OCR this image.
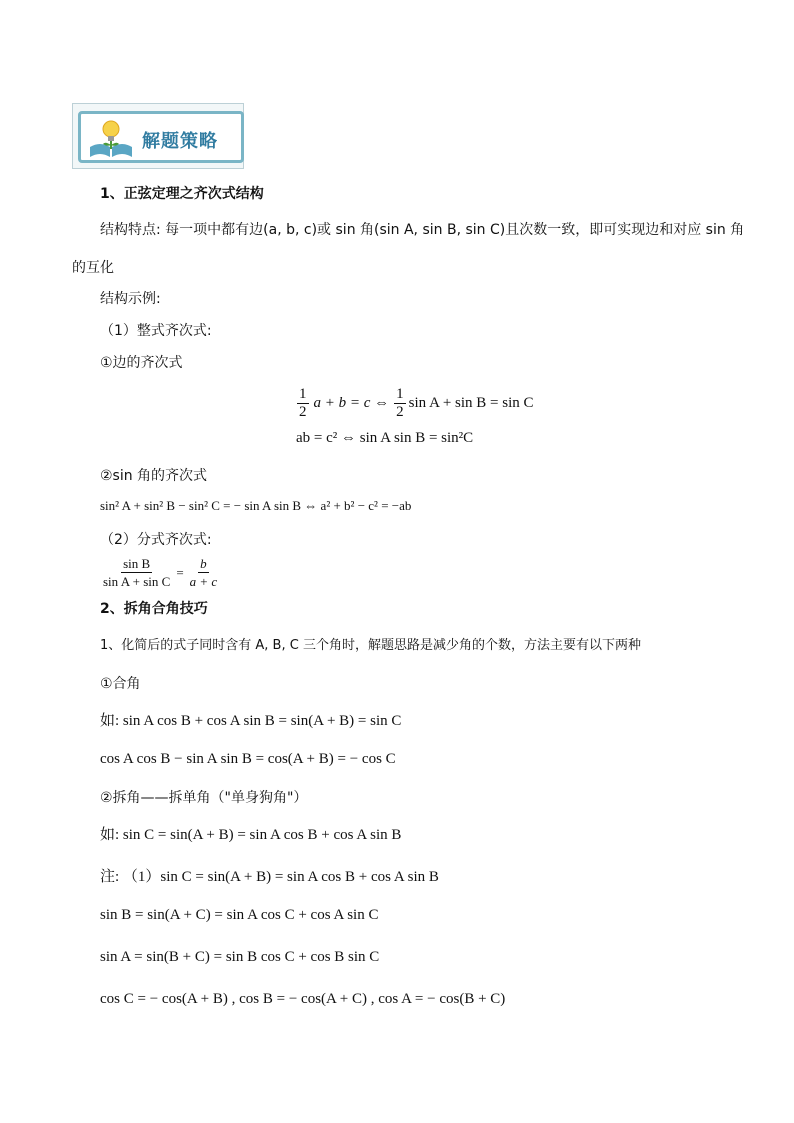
解题策略
1、正弦定理之齐次式结构
结构特点: 每一项中都有边(a, b, c)或 sin 角(sin A, sin B, sin C)且次数一致，即可实现边和对应 sin 角
的互化
结构示例:
（1）整式齐次式:
①边的齐次式
$\frac{1}{2}$ a + b = c ⇔ $\frac{1}{2}$ sin A + sin B = sin C
ab = c² ⇔ sin A sin B = sin²C
②sin 角的齐次式
sin² A + sin² B − sin² C = − sin A sin B ⇔ a² + b² − c² = −ab
（2）分式齐次式:
$\frac{\text{sin B}}{\text{sin A + sin C}} = \frac{b}{a + c}$
2、拆角合角技巧
1、化简后的式子同时含有 A, B, C 三个角时，解题思路是减少角的个数，方法主要有以下两种
①合角
如: sin A cos B + cos A sin B = sin(A + B) = sin C
cos A cos B − sin A sin B = cos(A + B) = − cos C
②拆角——拆单角（"单身狗角"）
如: sin C = sin(A + B) = sin A cos B + cos A sin B
注: （1）sin C = sin(A + B) = sin A cos B + cos A sin B
sin B = sin(A + C) = sin A cos C + cos A sin C
sin A = sin(B + C) = sin B cos C + cos B sin C
cos C = − cos(A + B) , cos B = − cos(A + C) , cos A = − cos(B + C)
